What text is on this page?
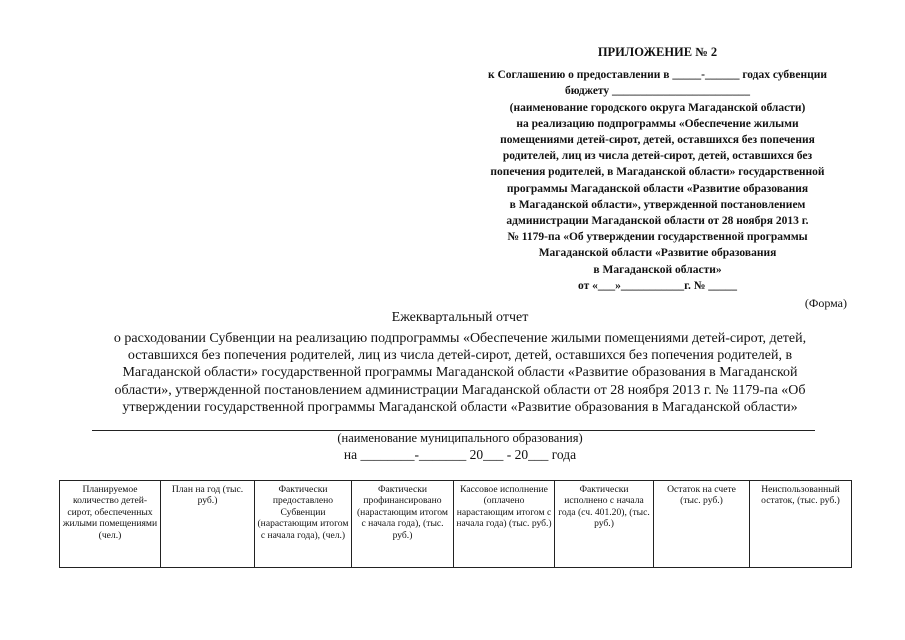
ПРИЛОЖЕНИЕ № 2
к Соглашению о предоставлении в _____-______ годах субвенции
бюджету ________________________
(наименование городского округа Магаданской области)
на реализацию подпрограммы «Обеспечение жилыми
помещениями детей-сирот, детей, оставшихся без попечения
родителей, лиц из числа детей-сирот, детей, оставшихся без
попечения родителей, в Магаданской области» государственной
программы Магаданской области «Развитие образования
в Магаданской области», утвержденной постановлением
администрации Магаданской области от 28 ноября 2013 г.
№ 1179-па «Об утверждении государственной программы
Магаданской области «Развитие образования
в Магаданской области»
от «___»___________г. № _____
(Форма)
Ежеквартальный отчет
о расходовании Субвенции на реализацию подпрограммы «Обеспечение жилыми помещениями детей-сирот, детей,
оставшихся без попечения родителей, лиц из числа детей-сирот, детей, оставшихся без попечения родителей, в
Магаданской области» государственной программы Магаданской области «Развитие образования в Магаданской
области», утвержденной постановлением администрации Магаданской области от 28 ноября 2013 г. № 1179-па «Об
утверждении государственной программы Магаданской области «Развитие образования в Магаданской области»
(наименование муниципального образования)
на ________-_______ 20___ - 20___ года
Планируемое количество детей-сирот, обеспеченных жилыми помещениями (чел.)	План на год (тыс. руб.)	Фактически предоставлено Субвенции (нарастающим итогом с начала года), (чел.)	Фактически профинансировано (нарастающим итогом с начала года), (тыс. руб.)	Кассовое исполнение (оплачено нарастающим итогом с начала года) (тыс. руб.)	Фактически исполнено с начала года (сч. 401.20), (тыс. руб.)	Остаток на счете (тыс. руб.)	Неиспользованный остаток, (тыс. руб.)
